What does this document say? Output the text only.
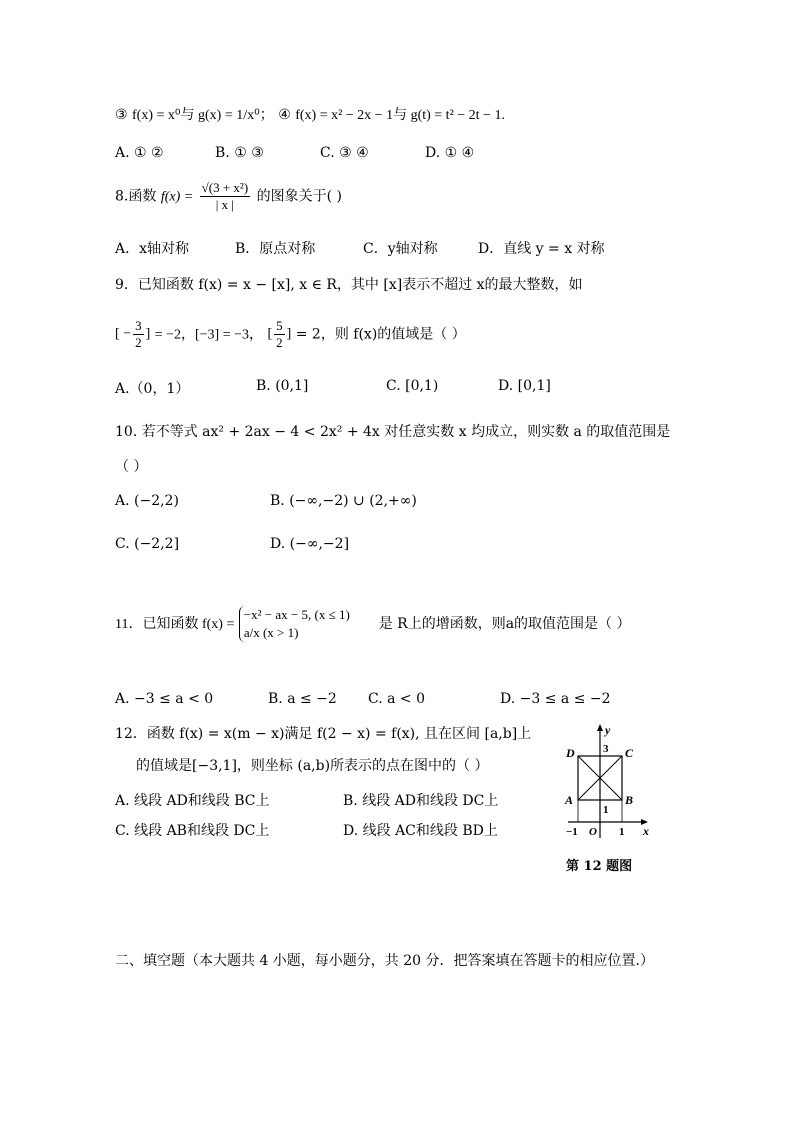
③ f(x) = x⁰与 g(x) = 1/x⁰； ④ f(x) = x² − 2x − 1与 g(t) = t² − 2t − 1.
A. ① ②	B. ① ③	C. ③ ④	D. ① ④
8.函数 $f(x) = \frac{\text{√(3 + x²)}}{| x |}$ 的图象关于( )
A．x轴对称	B．原点对称	C．y轴对称	D．直线 y = x 对称
9．已知函数 f(x) = x − [x], x ∈ R，其中 [x]表示不超过 x的最大整数，如
[ − $\frac{3}{2}$ ] = −2，[−3] = −3， [ $\frac{5}{2}$ ] = 2，则 f(x)的值域是（ ）
A.（0，1）	B. (0,1]	C. [0,1)	D. [0,1]
10. 若不等式 ax² + 2ax − 4 < 2x² + 4x 对任意实数 x 均成立，则实数 a 的取值范围是
（ ）
A. (−2,2)	B. (−∞,−2) ∪ (2,+∞)
C. (−2,2]	D. (−∞,−2]
11．已知函数 f(x) =
−x² − ax − 5, (x ≤ 1)
a/x (x > 1)
是 R上的增函数，则a的取值范围是（ ）
A. −3 ≤ a < 0	B. a ≤ −2 C. a < 0	D. −3 ≤ a ≤ −2
12．函数 f(x) = x(m − x)满足 f(2 − x) = f(x), 且在区间 [a,b]上
的值域是[−3,1]，则坐标 (a,b)所表示的点在图中的（ ）
A. 线段 AD和线段 BC上	B. 线段 AD和线段 DC上
C. 线段 AB和线段 DC上	D. 线段 AC和线段 BD上
y
D	3 C
A	B
1
−1 O 1 x
第 12 题图
二、填空题（本大题共 4 小题，每小题分，共 20 分．把答案填在答题卡的相应位置.）
